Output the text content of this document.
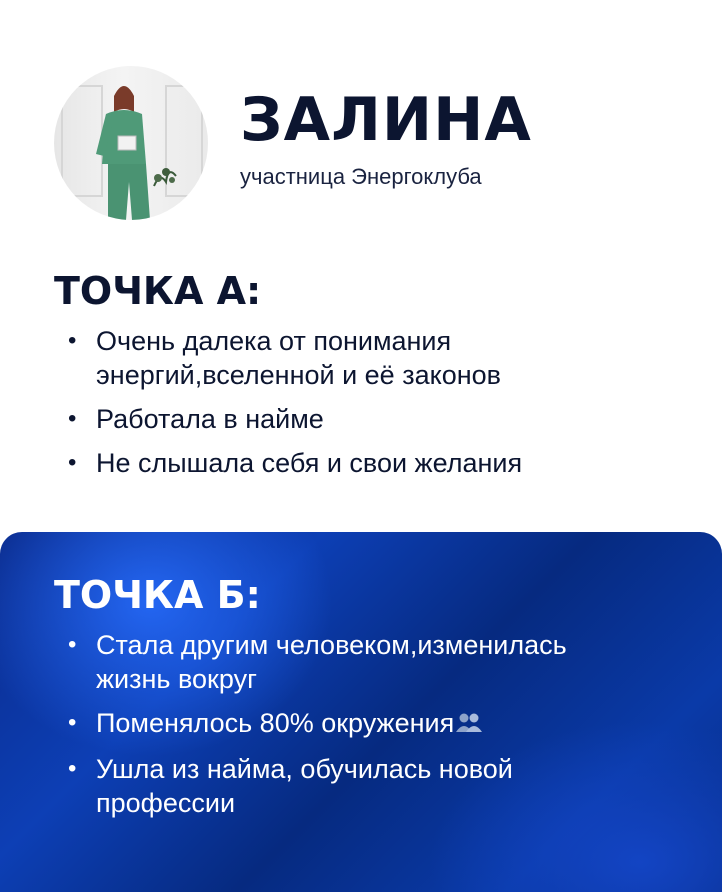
ЗАЛИНА
участница Энергоклуба
ТОЧКА А:
• Очень далека от понимания
энергий,вселенной и её законов
• Работала в найме
• Не слышала себя и свои желания
ТОЧКА Б:
• Стала другим человеком,изменилась
жизнь вокруг
• Поменялось 80% окружения
• Ушла из найма, обучилась новой
профессии
